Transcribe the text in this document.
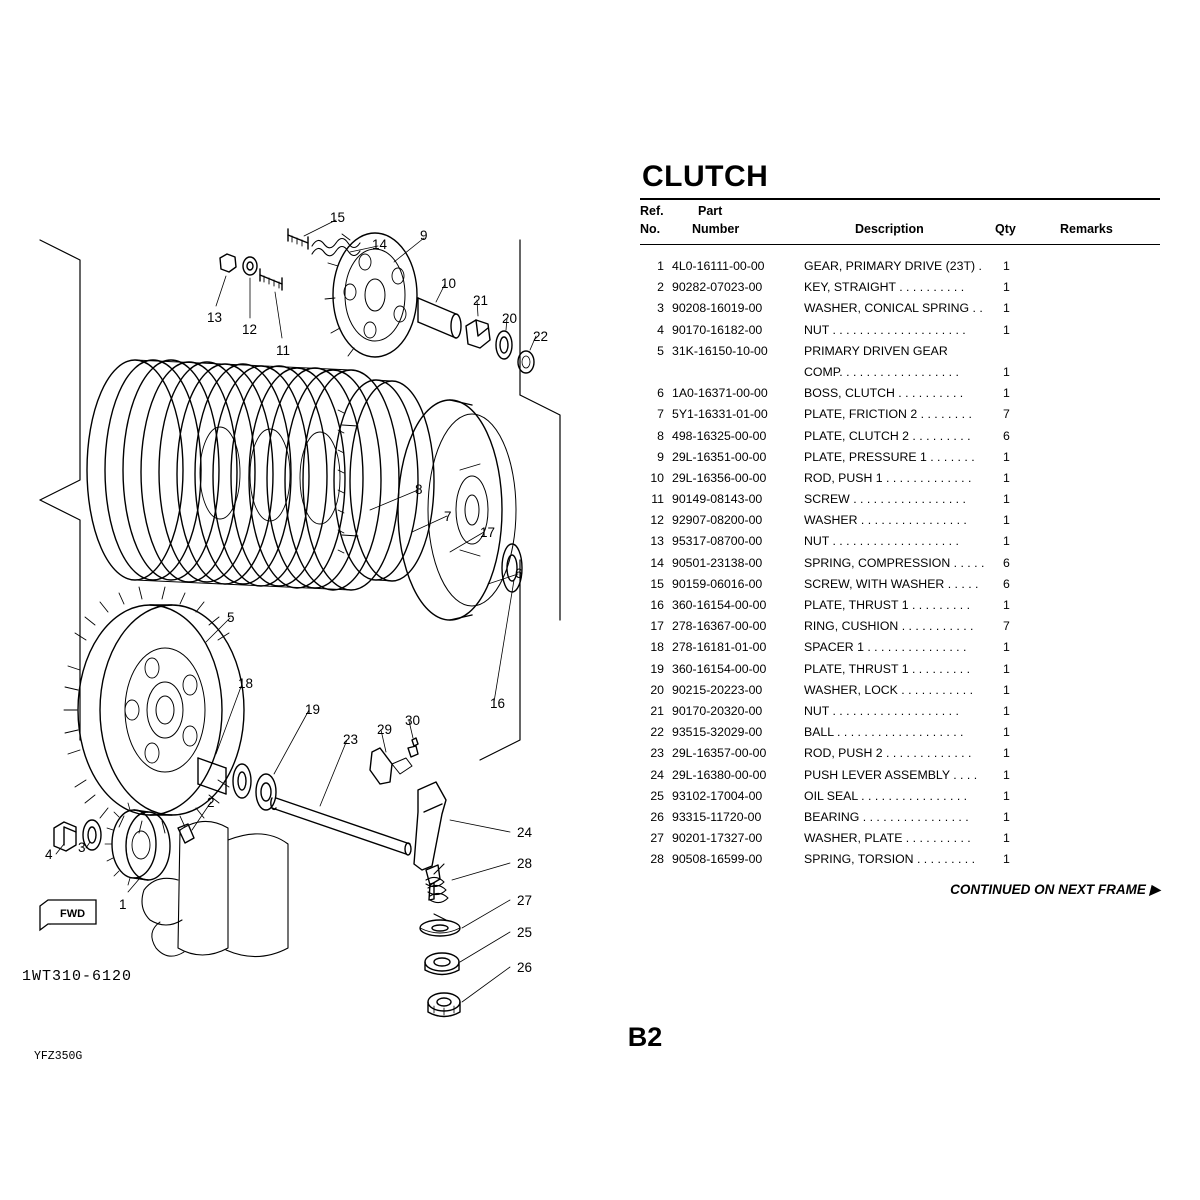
FWD
15
14
9
13
12
11
10
21
20
22
8
7
17
6
5
16
18
19
23
29
30
2
4 3
1
24
28
27
25
26
1WT310-6120
YFZ350G
CLUTCH
Ref.
No.
Part
Number	Description	Qty	Remarks
1 4L0-16111-00-00	GEAR, PRIMARY DRIVE (23T) . 1
2 90282-07023-00	KEY, STRAIGHT . . . . . . . . . .	1
3 90208-16019-00	WASHER, CONICAL SPRING . . 1
4 90170-16182-00	NUT . . . . . . . . . . . . . . . . . . . .	1
5 31K-16150-10-00	PRIMARY DRIVEN GEAR
COMP. . . . . . . . . . . . . . . . . .	1
6 1A0-16371-00-00	BOSS, CLUTCH . . . . . . . . . .	1
7 5Y1-16331-01-00	PLATE, FRICTION 2 . . . . . . . .	7
8 498-16325-00-00	PLATE, CLUTCH 2 . . . . . . . . .	6
9 29L-16351-00-00	PLATE, PRESSURE 1 . . . . . . . 1
10 29L-16356-00-00	ROD, PUSH 1 . . . . . . . . . . . . .	1
11 90149-08143-00	SCREW . . . . . . . . . . . . . . . . .	1
12 92907-08200-00	WASHER . . . . . . . . . . . . . . . .	1
13 95317-08700-00	NUT . . . . . . . . . . . . . . . . . . .	1
14 90501-23138-00	SPRING, COMPRESSION . . . . . 6
15 90159-06016-00	SCREW, WITH WASHER . . . . . 6
16 360-16154-00-00	PLATE, THRUST 1 . . . . . . . . .	1
17 278-16367-00-00	RING, CUSHION . . . . . . . . . . . 7
18 278-16181-01-00	SPACER 1 . . . . . . . . . . . . . . .	1
19 360-16154-00-00	PLATE, THRUST 1 . . . . . . . . .	1
20 90215-20223-00	WASHER, LOCK . . . . . . . . . . . 1
21 90170-20320-00	NUT . . . . . . . . . . . . . . . . . . .	1
22 93515-32029-00	BALL . . . . . . . . . . . . . . . . . . .	1
23 29L-16357-00-00	ROD, PUSH 2 . . . . . . . . . . . . .	1
24 29L-16380-00-00	PUSH LEVER ASSEMBLY . . . . 1
25 93102-17004-00	OIL SEAL . . . . . . . . . . . . . . . .	1
26 93315-11720-00	BEARING . . . . . . . . . . . . . . . .	1
27 90201-17327-00	WASHER, PLATE . . . . . . . . . .	1
28 90508-16599-00	SPRING, TORSION . . . . . . . . . 1
CONTINUED ON NEXT FRAME ▶
B2
